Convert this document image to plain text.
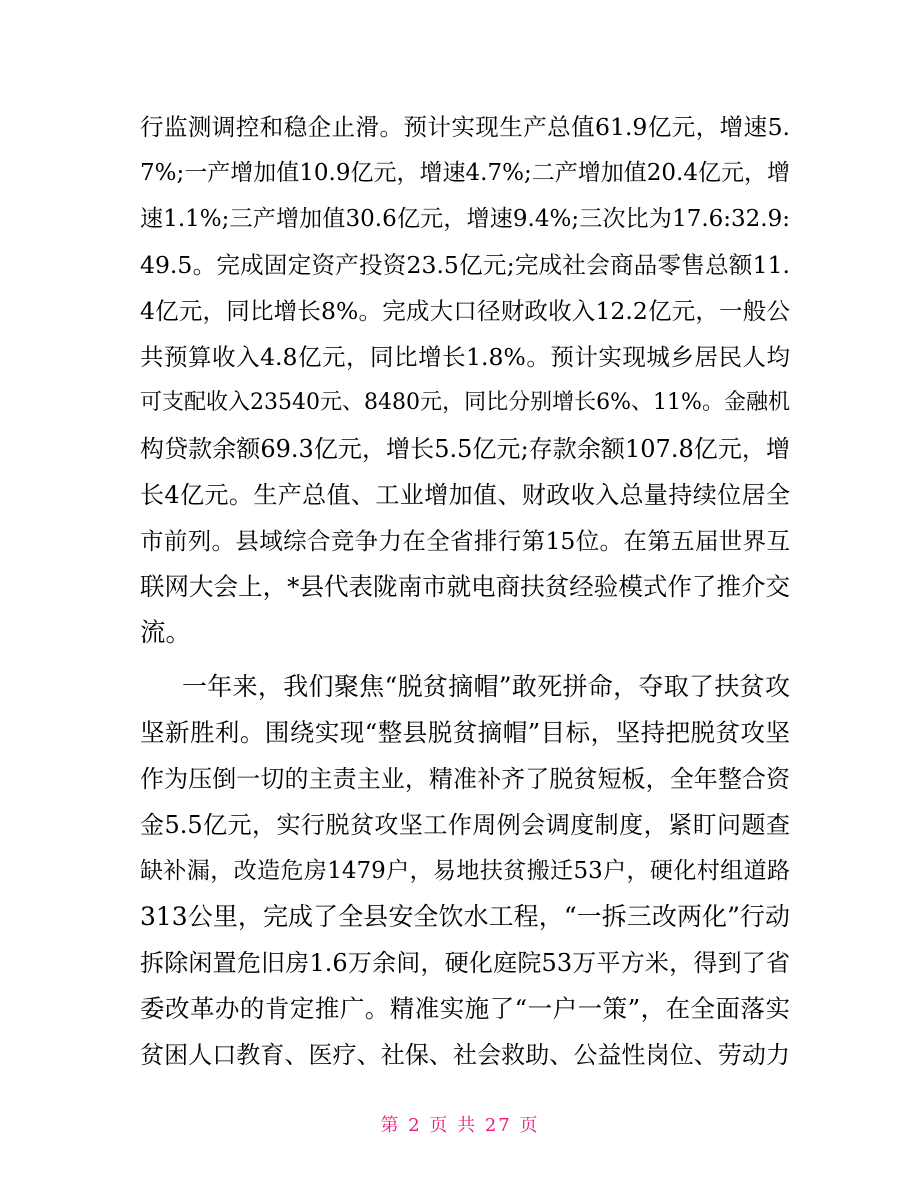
行监测调控和稳企止滑。预计实现生产总值61.9亿元，增速5.
7%;一产增加值10.9亿元，增速4.7%;二产增加值20.4亿元，增
速1.1%;三产增加值30.6亿元，增速9.4%;三次比为17.6:32.9:
49.5。完成固定资产投资23.5亿元;完成社会商品零售总额11.
4亿元，同比增长8%。完成大口径财政收入12.2亿元，一般公
共预算收入4.8亿元，同比增长1.8%。预计实现城乡居民人均
可支配收入23540元、8480元，同比分别增长6%、11%。金融机
构贷款余额69.3亿元，增长5.5亿元;存款余额107.8亿元，增
长4亿元。生产总值、工业增加值、财政收入总量持续位居全
市前列。县域综合竞争力在全省排行第15位。在第五届世界互
联网大会上，*县代表陇南市就电商扶贫经验模式作了推介交
流。
一年来，我们聚焦“脱贫摘帽”敢死拼命，夺取了扶贫攻
坚新胜利。围绕实现“整县脱贫摘帽”目标，坚持把脱贫攻坚
作为压倒一切的主责主业，精准补齐了脱贫短板，全年整合资
金5.5亿元，实行脱贫攻坚工作周例会调度制度，紧盯问题查
缺补漏，改造危房1479户，易地扶贫搬迁53户，硬化村组道路
313公里，完成了全县安全饮水工程，“一拆三改两化”行动
拆除闲置危旧房1.6万余间，硬化庭院53万平方米，得到了省
委改革办的肯定推广。精准实施了“一户一策”，在全面落实
贫困人口教育、医疗、社保、社会救助、公益性岗位、劳动力
第 2 页 共 27 页
